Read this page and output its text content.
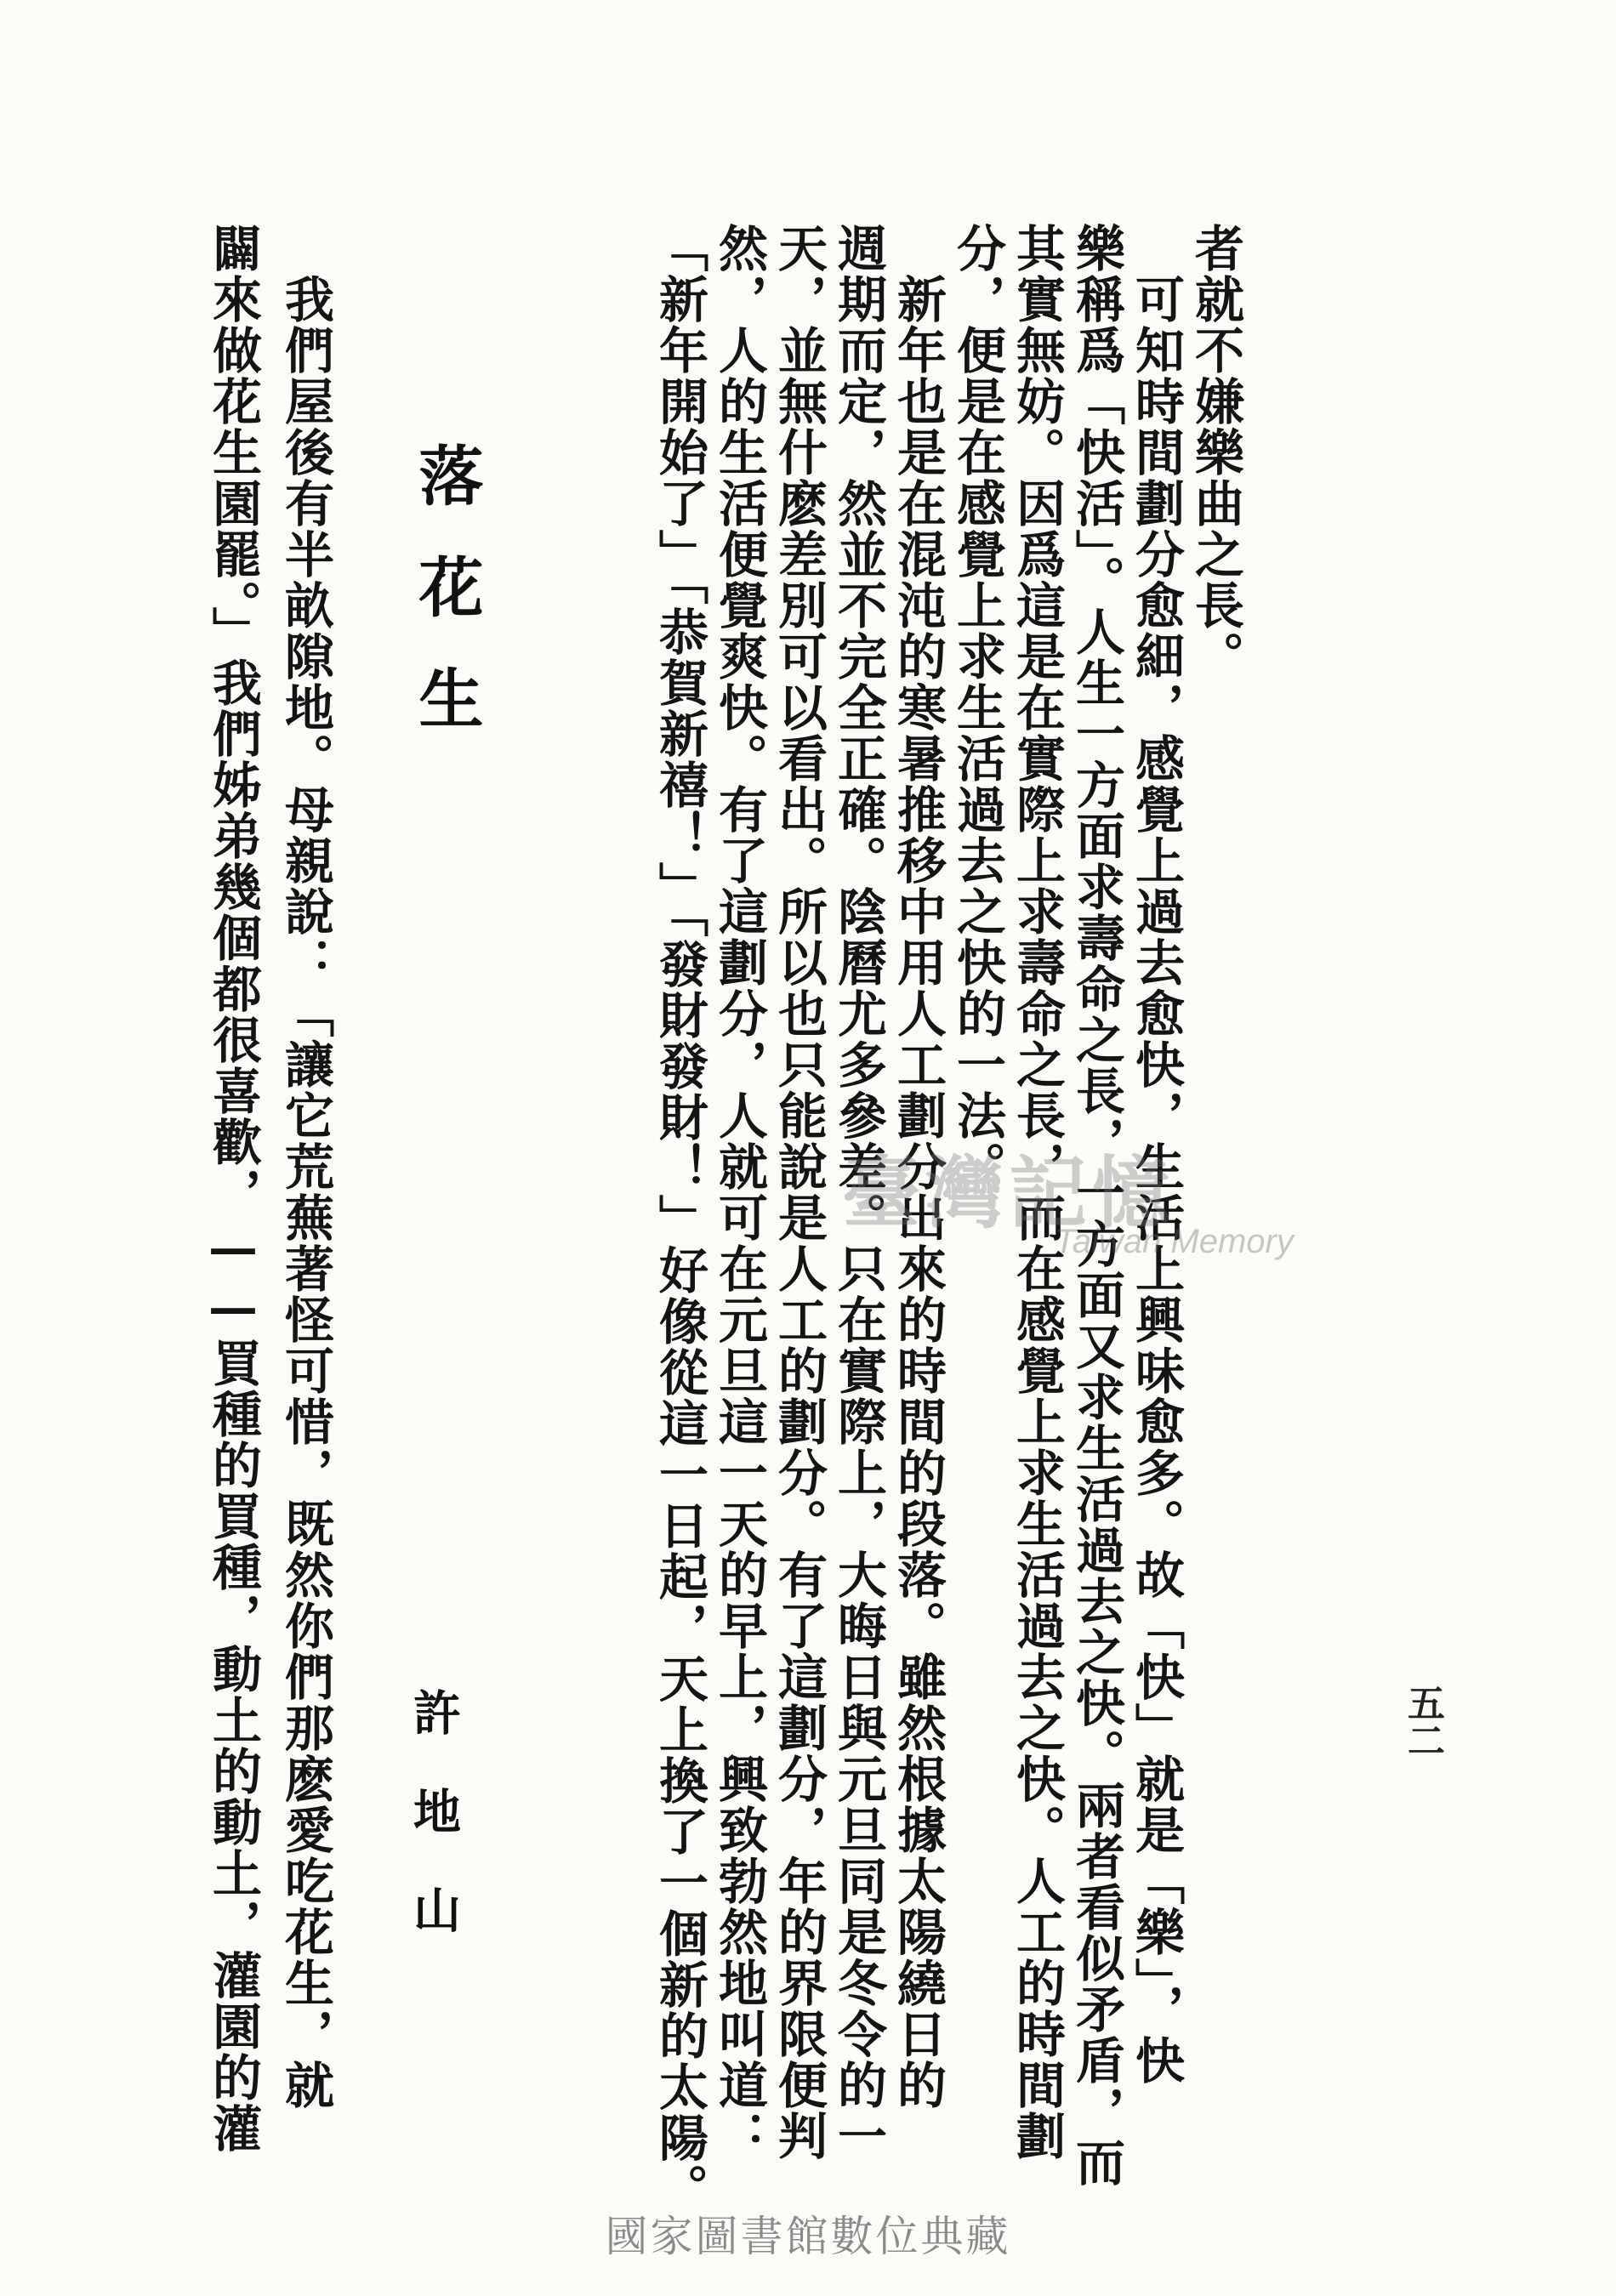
五二
者就不嫌樂曲之長。
　可知時間劃分愈細，感覺上過去愈快，生活上興味愈多。故「快」就是「樂」，快
樂稱爲「快活」。人生一方面求壽命之長，一方面又求生活過去之快。兩者看似矛盾，而
其實無妨。因爲這是在實際上求壽命之長，而在感覺上求生活過去之快。人工的時間劃
分，便是在感覺上求生活過去之快的一法。
　新年也是在混沌的寒暑推移中用人工劃分出來的時間的段落。雖然根據太陽繞日的
週期而定，然並不完全正確。陰曆尤多參差。只在實際上，大晦日與元旦同是冬令的一
天，並無什麽差別可以看出。所以也只能說是人工的劃分。有了這劃分，年的界限便判
然，人的生活便覺爽快。有了這劃分，人就可在元旦這一天的早上，興致勃然地叫道：
「新年開始了」「恭賀新禧！」「發財發財！」好像從這一日起，天上換了一個新的太陽。
落花生
許地山
　我們屋後有半畝隙地。母親說：「讓它荒蕪著怪可惜，既然你們那麽愛吃花生，就
闢來做花生園罷。」我們姊弟幾個都很喜歡，——買種的買種，動土的動土，灌園的灌	臺灣記憶
Taiwan Memory
國家圖書館數位典藏
